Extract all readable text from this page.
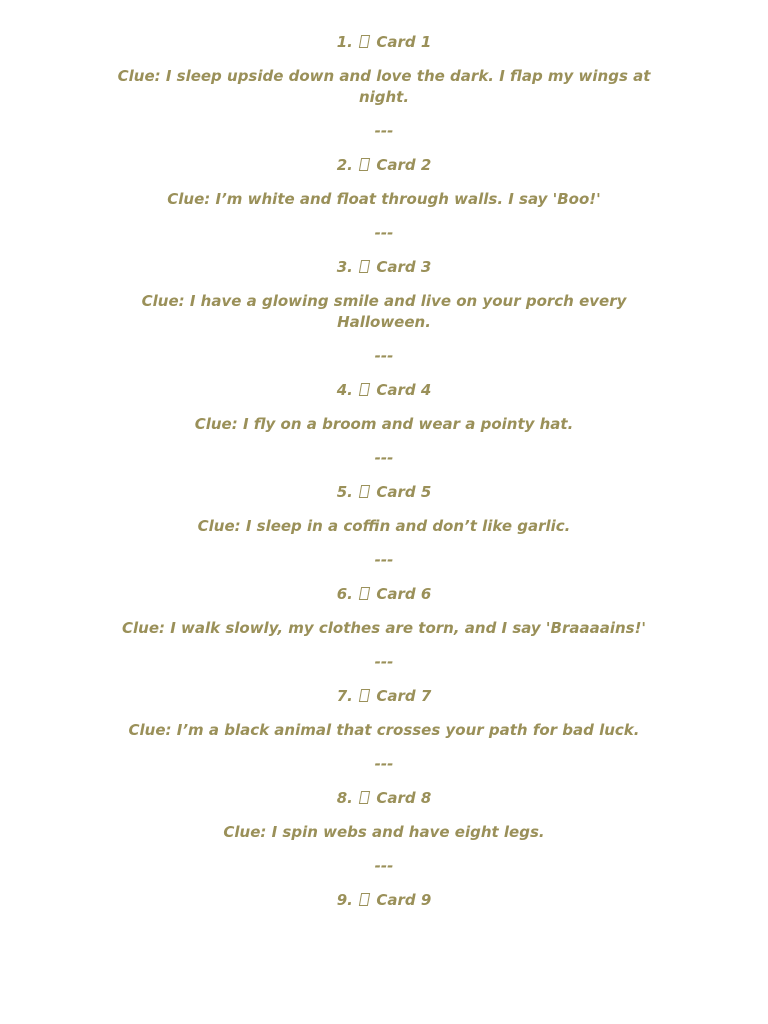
1. Card 1
Clue: I sleep upside down and love the dark. I flap my wings at night.
---
2. Card 2
Clue: I’m white and float through walls. I say 'Boo!'
---
3. Card 3
Clue: I have a glowing smile and live on your porch every Halloween.
---
4. Card 4
Clue: I fly on a broom and wear a pointy hat.
---
5. Card 5
Clue: I sleep in a coffin and don’t like garlic.
---
6. Card 6
Clue: I walk slowly, my clothes are torn, and I say 'Braaaains!'
---
7. Card 7
Clue: I’m a black animal that crosses your path for bad luck.
---
8. Card 8
Clue: I spin webs and have eight legs.
---
9. Card 9
